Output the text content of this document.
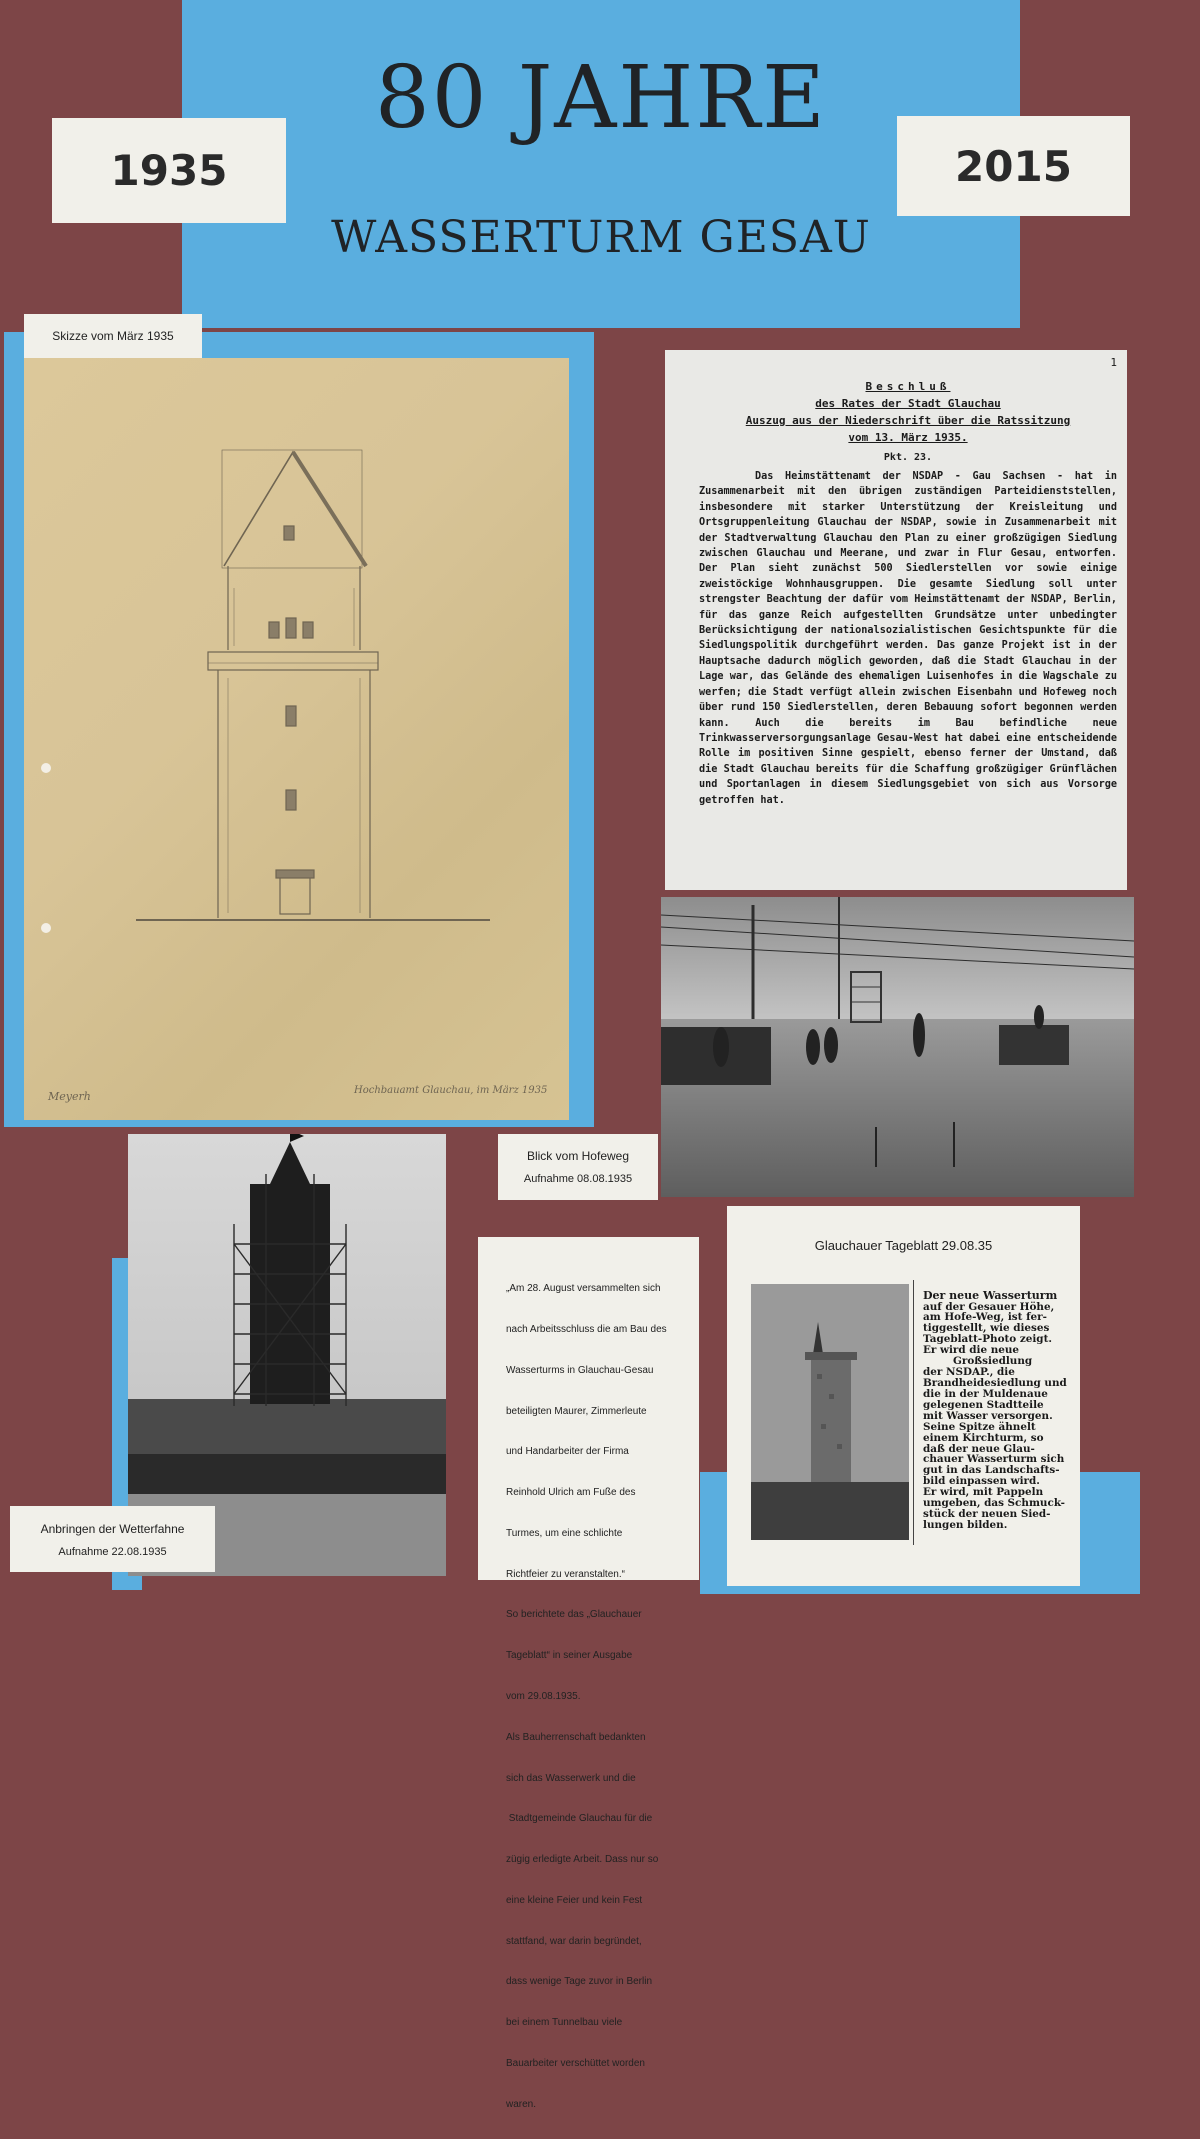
80 JAHRE
WASSERTURM GESAU
1935	2015
Skizze vom März 1935
Meyerh	Hochbauamt Glauchau, im März 1935
1
Beschluß
des Rates der Stadt Glauchau
Auszug aus der Niederschrift über die Ratssitzung
vom 13. März 1935.
Pkt. 23.

Das Heimstättenamt der NSDAP - Gau Sachsen - hat in Zusammenarbeit mit den übrigen zuständigen Parteidienststellen, insbesondere mit starker Unterstützung der Kreisleitung und Ortsgruppenleitung Glauchau der NSDAP, sowie in Zusammenarbeit mit der Stadtverwaltung Glauchau den Plan zu einer großzügigen Siedlung zwischen Glauchau und Meerane, und zwar in Flur Gesau, entworfen. Der Plan sieht zunächst 500 Siedlerstellen vor sowie einige zweistöckige Wohnhausgruppen. Die gesamte Siedlung soll unter strengster Beachtung der dafür vom Heimstättenamt der NSDAP, Berlin, für das ganze Reich aufgestellten Grundsätze unter unbedingter Berücksichtigung der nationalsozialistischen Gesichtspunkte für die Siedlungspolitik durchgeführt werden. Das ganze Projekt ist in der Hauptsache dadurch möglich geworden, daß die Stadt Glauchau in der Lage war, das Gelände des ehemaligen Luisenhofes in die Wagschale zu werfen; die Stadt verfügt allein zwischen Eisenbahn und Hofeweg noch über rund 150 Siedlerstellen, deren Bebauung sofort begonnen werden kann. Auch die bereits im Bau befindliche neue Trinkwasserversorgungsanlage Gesau-West hat dabei eine entscheidende Rolle im positiven Sinne gespielt, ebenso ferner der Umstand, daß die Stadt Glauchau bereits für die Schaffung großzügiger Grünflächen und Sportanlagen in diesem Siedlungsgebiet von sich aus Vorsorge getroffen hat.

Blick vom Hofeweg
Aufnahme 08.08.1935
Anbringen der Wetterfahne
Aufnahme 22.08.1935

„Am 28. August versammelten sich

nach Arbeitsschluss die am Bau des

Wasserturms in Glauchau-Gesau

beteiligten Maurer, Zimmerleute

und Handarbeiter der Firma

Reinhold Ulrich am Fuße des

Turmes, um eine schlichte

Richtfeier zu veranstalten.“

So berichtete das „Glauchauer

Tageblatt“ in seiner Ausgabe

vom 29.08.1935.

Als Bauherrenschaft bedankten

sich das Wasserwerk und die

Stadtgemeinde Glauchau für die

zügig erledigte Arbeit. Dass nur so

eine kleine Feier und kein Fest

stattfand, war darin begründet,

dass wenige Tage zuvor in Berlin

bei einem Tunnelbau viele

Bauarbeiter verschüttet worden

waren.

Glauchauer Tageblatt 29.08.35
Der neue Wasserturm
auf der Gesauer Höhe,
am Hofe-Weg, ist fer-
tiggestellt, wie dieses
Tageblatt-Photo zeigt.
Er wird die neue
Großsiedlung
der NSDAP., die
Brandheidesiedlung und
die in der Muldenaue
gelegenen Stadtteile
mit Wasser versorgen.
Seine Spitze ähnelt
einem Kirchturm, so
daß der neue Glau-
chauer Wasserturm sich
gut in das Landschafts-
bild einpassen wird.
Er wird, mit Pappeln
umgeben, das Schmuck-
stück der neuen Sied-
lungen bilden.
